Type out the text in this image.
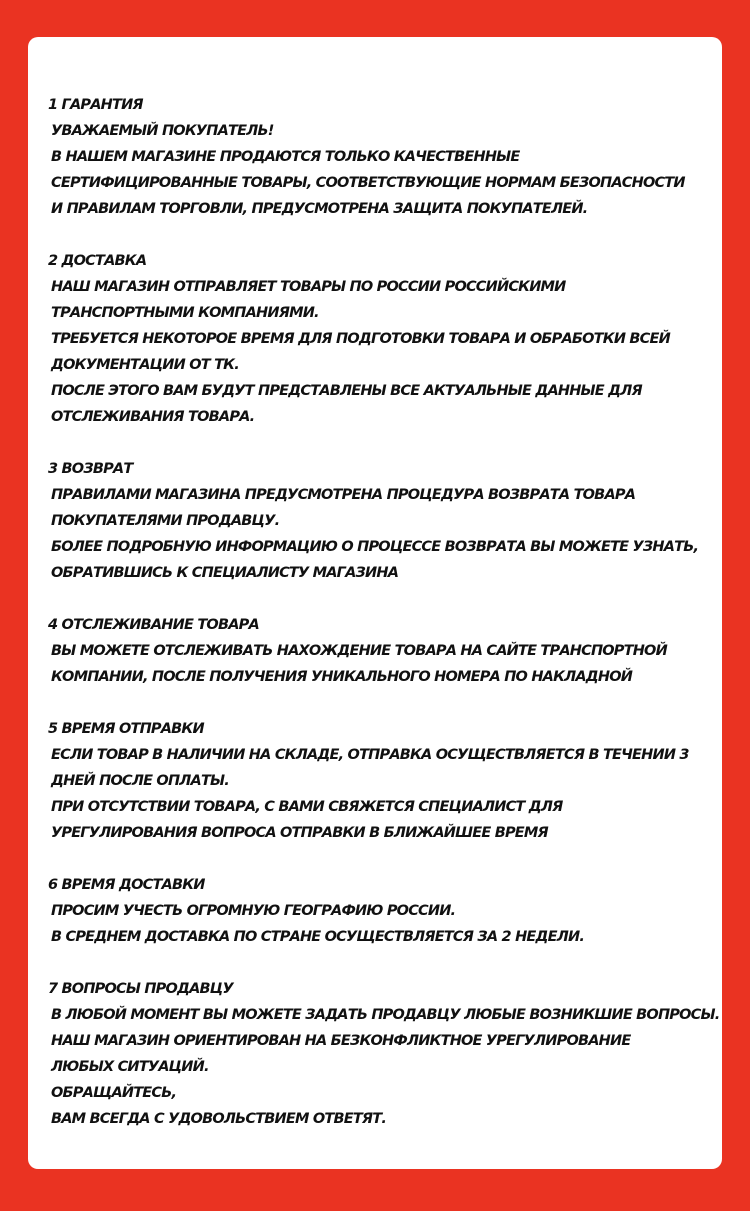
1 ГАРАНТИЯ
УВАЖАЕМЫЙ ПОКУПАТЕЛЬ!
В НАШЕМ МАГАЗИНЕ ПРОДАЮТСЯ ТОЛЬКО КАЧЕСТВЕННЫЕ
СЕРТИФИЦИРОВАННЫЕ ТОВАРЫ, СООТВЕТСТВУЮЩИЕ НОРМАМ БЕЗОПАСНОСТИ
И ПРАВИЛАМ ТОРГОВЛИ, ПРЕДУСМОТРЕНА ЗАЩИТА ПОКУПАТЕЛЕЙ.
2 ДОСТАВКА
НАШ МАГАЗИН ОТПРАВЛЯЕТ ТОВАРЫ ПО РОССИИ РОССИЙСКИМИ
ТРАНСПОРТНЫМИ КОМПАНИЯМИ.
ТРЕБУЕТСЯ НЕКОТОРОЕ ВРЕМЯ ДЛЯ ПОДГОТОВКИ ТОВАРА И ОБРАБОТКИ ВСЕЙ
ДОКУМЕНТАЦИИ ОТ ТК.
ПОСЛЕ ЭТОГО ВАМ БУДУТ ПРЕДСТАВЛЕНЫ ВСЕ АКТУАЛЬНЫЕ ДАННЫЕ ДЛЯ
ОТСЛЕЖИВАНИЯ ТОВАРА.
3 ВОЗВРАТ
ПРАВИЛАМИ МАГАЗИНА ПРЕДУСМОТРЕНА ПРОЦЕДУРА ВОЗВРАТА ТОВАРА
ПОКУПАТЕЛЯМИ ПРОДАВЦУ.
БОЛЕЕ ПОДРОБНУЮ ИНФОРМАЦИЮ О ПРОЦЕССЕ ВОЗВРАТА ВЫ МОЖЕТЕ УЗНАТЬ,
ОБРАТИВШИСЬ К СПЕЦИАЛИСТУ МАГАЗИНА
4 ОТСЛЕЖИВАНИЕ ТОВАРА
ВЫ МОЖЕТЕ ОТСЛЕЖИВАТЬ НАХОЖДЕНИЕ ТОВАРА НА САЙТЕ ТРАНСПОРТНОЙ
КОМПАНИИ, ПОСЛЕ ПОЛУЧЕНИЯ УНИКАЛЬНОГО НОМЕРА ПО НАКЛАДНОЙ
5 ВРЕМЯ ОТПРАВКИ
ЕСЛИ ТОВАР В НАЛИЧИИ НА СКЛАДЕ, ОТПРАВКА ОСУЩЕСТВЛЯЕТСЯ В ТЕЧЕНИИ 3
ДНЕЙ ПОСЛЕ ОПЛАТЫ.
ПРИ ОТСУТСТВИИ ТОВАРА, С ВАМИ СВЯЖЕТСЯ СПЕЦИАЛИСТ ДЛЯ
УРЕГУЛИРОВАНИЯ ВОПРОСА ОТПРАВКИ В БЛИЖАЙШЕЕ ВРЕМЯ
6 ВРЕМЯ ДОСТАВКИ
ПРОСИМ УЧЕСТЬ ОГРОМНУЮ ГЕОГРАФИЮ РОССИИ.
В СРЕДНЕМ ДОСТАВКА ПО СТРАНЕ ОСУЩЕСТВЛЯЕТСЯ ЗА 2 НЕДЕЛИ.
7 ВОПРОСЫ ПРОДАВЦУ
В ЛЮБОЙ МОМЕНТ ВЫ МОЖЕТЕ ЗАДАТЬ ПРОДАВЦУ ЛЮБЫЕ ВОЗНИКШИЕ ВОПРОСЫ.
НАШ МАГАЗИН ОРИЕНТИРОВАН НА БЕЗКОНФЛИКТНОЕ УРЕГУЛИРОВАНИЕ
ЛЮБЫХ СИТУАЦИЙ.
ОБРАЩАЙТЕСЬ,
ВАМ ВСЕГДА С УДОВОЛЬСТВИЕМ ОТВЕТЯТ.
